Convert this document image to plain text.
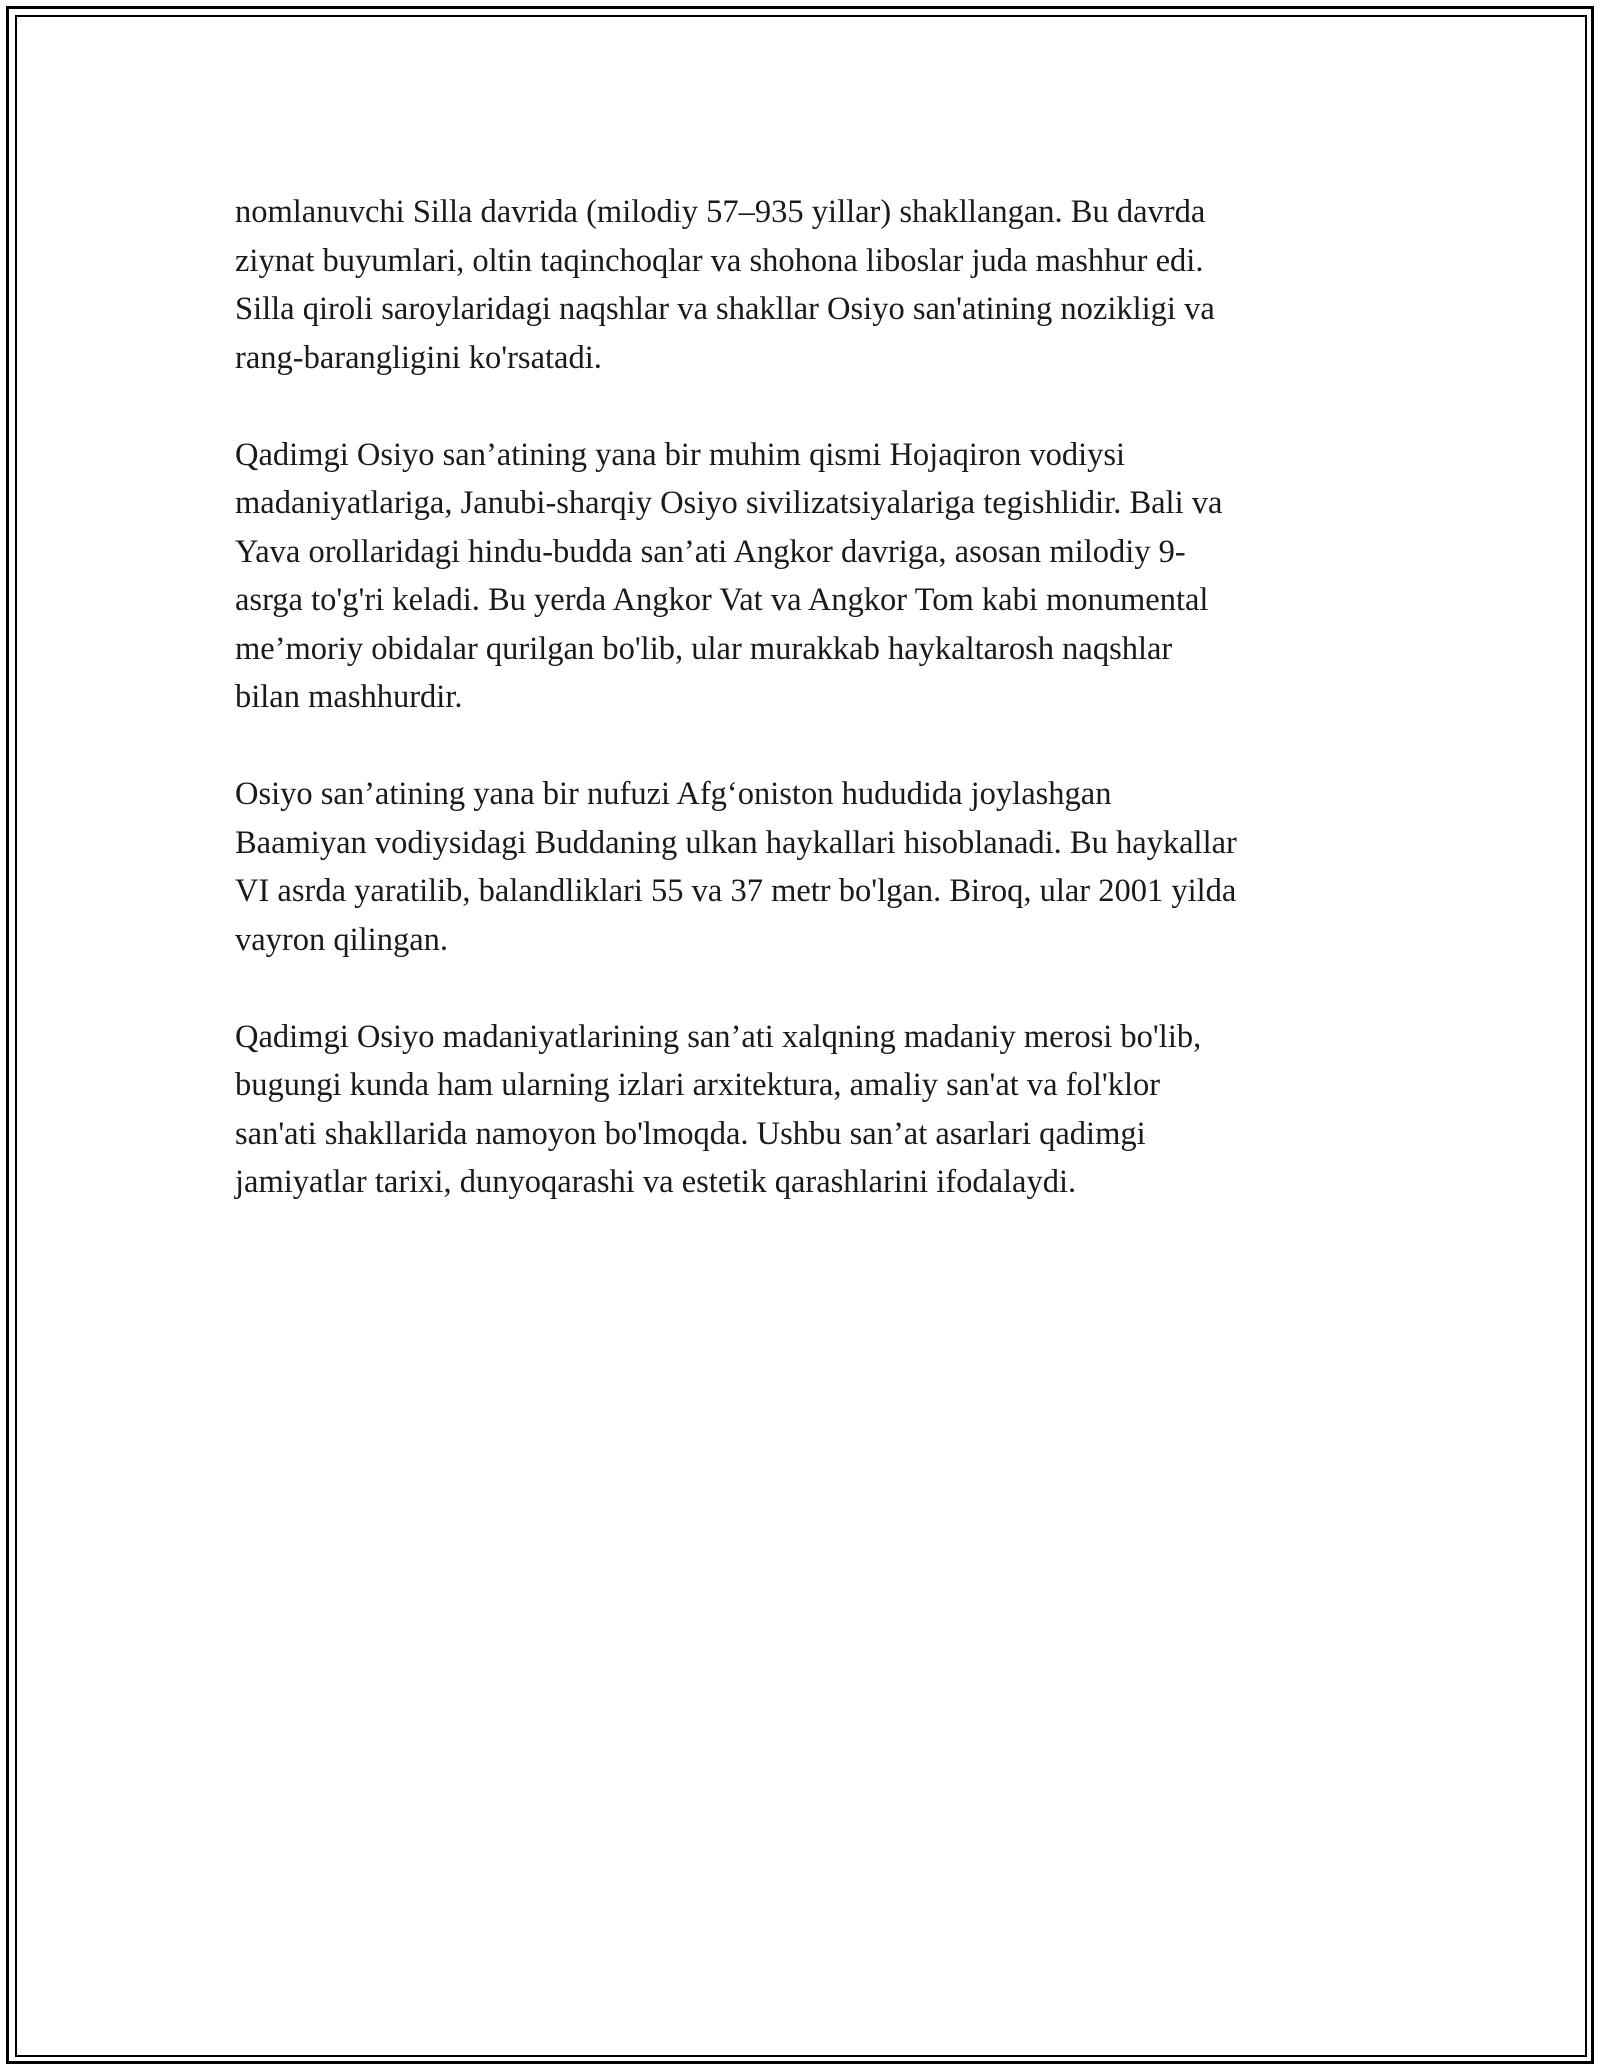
nomlanuvchi Silla davrida (milodiy 57–935 yillar) shakllangan. Bu davrda
ziynat buyumlari, oltin taqinchoqlar va shohona liboslar juda mashhur edi.
Silla qiroli saroylaridagi naqshlar va shakllar Osiyo san'atining nozikligi va
rang-barangligini ko'rsatadi.

Qadimgi Osiyo san’atining yana bir muhim qismi Hojaqiron vodiysi
madaniyatlariga, Janubi-sharqiy Osiyo sivilizatsiyalariga tegishlidir. Bali va
Yava orollaridagi hindu-budda san’ati Angkor davriga, asosan milodiy 9-
asrga to'g'ri keladi. Bu yerda Angkor Vat va Angkor Tom kabi monumental
me’moriy obidalar qurilgan bo'lib, ular murakkab haykaltarosh naqshlar
bilan mashhurdir.

Osiyo san’atining yana bir nufuzi Afg‘oniston hududida joylashgan
Baamiyan vodiysidagi Buddaning ulkan haykallari hisoblanadi. Bu haykallar
VI asrda yaratilib, balandliklari 55 va 37 metr bo'lgan. Biroq, ular 2001 yilda
vayron qilingan.

Qadimgi Osiyo madaniyatlarining san’ati xalqning madaniy merosi bo'lib,
bugungi kunda ham ularning izlari arxitektura, amaliy san'at va fol'klor
san'ati shakllarida namoyon bo'lmoqda. Ushbu san’at asarlari qadimgi
jamiyatlar tarixi, dunyoqarashi va estetik qarashlarini ifodalaydi.
